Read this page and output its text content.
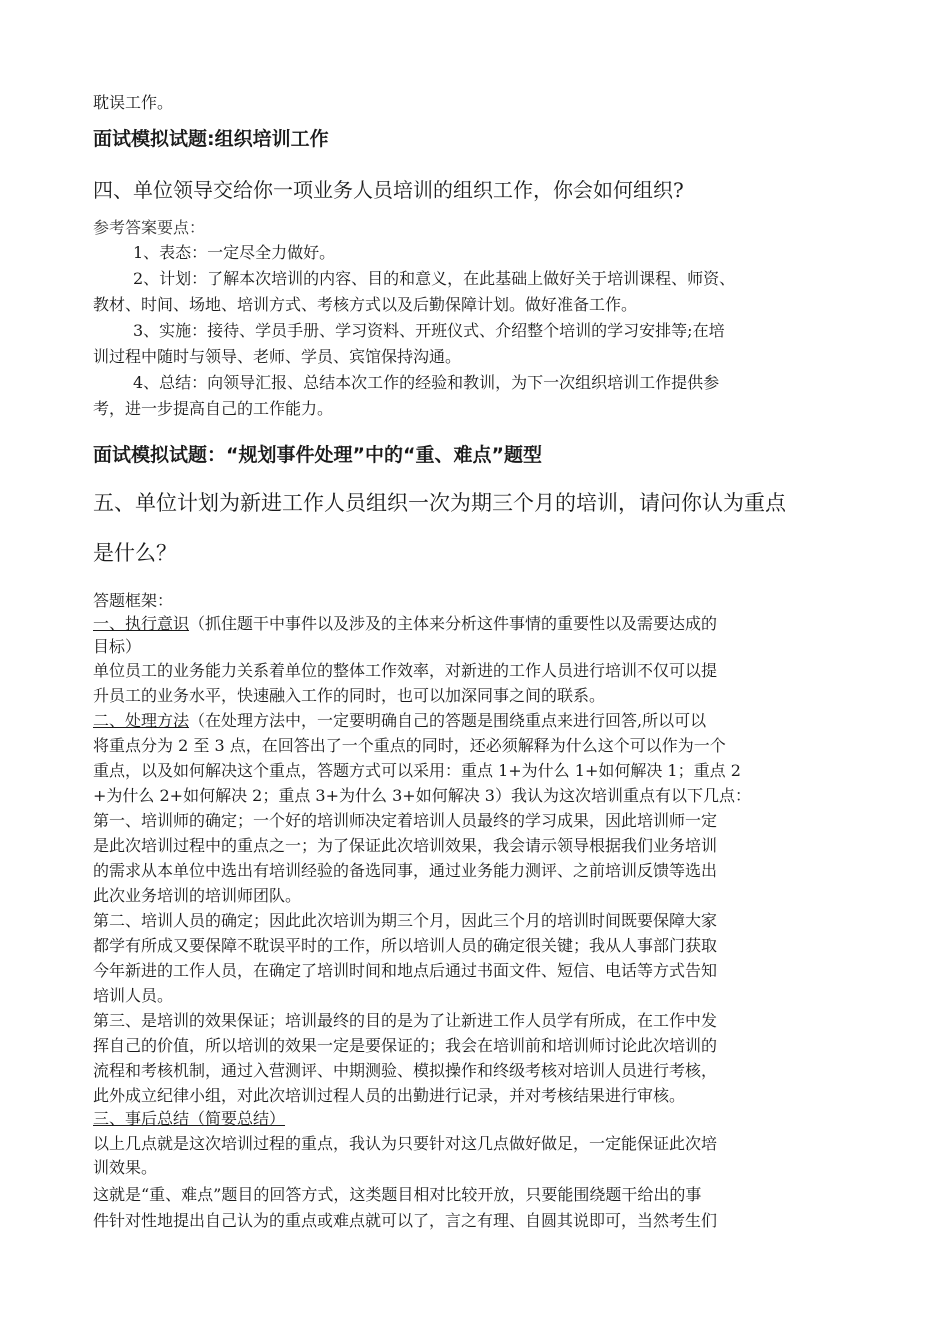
耽误工作。
面试模拟试题:组织培训工作
四、单位领导交给你一项业务人员培训的组织工作，你会如何组织?
参考答案要点：
1、表态：一定尽全力做好。
2、计划：了解本次培训的内容、目的和意义，在此基础上做好关于培训课程、师资、
教材、时间、场地、培训方式、考核方式以及后勤保障计划。做好准备工作。
3、实施：接待、学员手册、学习资料、开班仪式、介绍整个培训的学习安排等;在培
训过程中随时与领导、老师、学员、宾馆保持沟通。
4、总结：向领导汇报、总结本次工作的经验和教训，为下一次组织培训工作提供参
考，进一步提高自己的工作能力。
面试模拟试题：“规划事件处理”中的“重、难点”题型
五、单位计划为新进工作人员组织一次为期三个月的培训，请问你认为重点
是什么？
答题框架：
一、执行意识（抓住题干中事件以及涉及的主体来分析这件事情的重要性以及需要达成的
目标）
单位员工的业务能力关系着单位的整体工作效率，对新进的工作人员进行培训不仅可以提
升员工的业务水平，快速融入工作的同时，也可以加深同事之间的联系。
二、处理方法（在处理方法中，一定要明确自己的答题是围绕重点来进行回答,所以可以
将重点分为 2 至 3 点，在回答出了一个重点的同时，还必须解释为什么这个可以作为一个
重点，以及如何解决这个重点，答题方式可以采用：重点 1+为什么 1+如何解决 1；重点 2
+为什么 2+如何解决 2；重点 3+为什么 3+如何解决 3）我认为这次培训重点有以下几点：
第一、培训师的确定；一个好的培训师决定着培训人员最终的学习成果，因此培训师一定
是此次培训过程中的重点之一；为了保证此次培训效果，我会请示领导根据我们业务培训
的需求从本单位中选出有培训经验的备选同事，通过业务能力测评、之前培训反馈等选出
此次业务培训的培训师团队。
第二、培训人员的确定；因此此次培训为期三个月，因此三个月的培训时间既要保障大家
都学有所成又要保障不耽误平时的工作，所以培训人员的确定很关键；我从人事部门获取
今年新进的工作人员，在确定了培训时间和地点后通过书面文件、短信、电话等方式告知
培训人员。
第三、是培训的效果保证；培训最终的目的是为了让新进工作人员学有所成，在工作中发
挥自己的价值，所以培训的效果一定是要保证的；我会在培训前和培训师讨论此次培训的
流程和考核机制，通过入营测评、中期测验、模拟操作和终级考核对培训人员进行考核，
此外成立纪律小组，对此次培训过程人员的出勤进行记录，并对考核结果进行审核。
三、事后总结（简要总结）
以上几点就是这次培训过程的重点，我认为只要针对这几点做好做足，一定能保证此次培
训效果。
这就是“重、难点”题目的回答方式，这类题目相对比较开放，只要能围绕题干给出的事
件针对性地提出自己认为的重点或难点就可以了，言之有理、自圆其说即可，当然考生们
